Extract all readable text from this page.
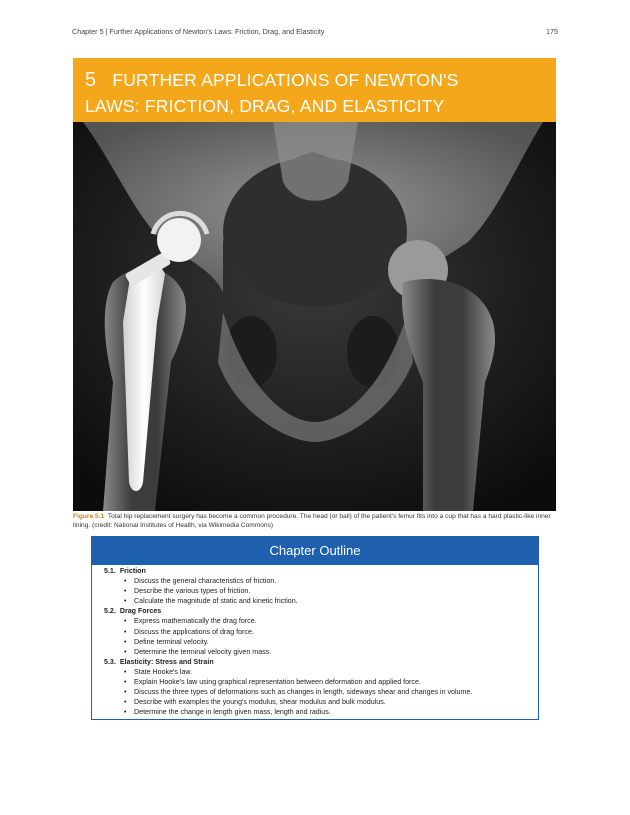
Chapter 5 | Further Applications of Newton's Laws: Friction, Drag, and Elasticity	175
5 FURTHER APPLICATIONS OF NEWTON'S
LAWS: FRICTION, DRAG, AND ELASTICITY
Figure 5.1 Total hip replacement surgery has become a common procedure. The head (or ball) of the patient's femur fits into a cup that has a hard plastic-like inner lining. (credit: National Institutes of Health, via Wikimedia Commons)
Chapter Outline
5.1. Friction
• Discuss the general characteristics of friction.
• Describe the various types of friction.
• Calculate the magnitude of static and kinetic friction.
5.2. Drag Forces
• Express mathematically the drag force.
• Discuss the applications of drag force.
• Define terminal velocity.
• Determine the terminal velocity given mass.
5.3. Elasticity: Stress and Strain
• State Hooke's law.
• Explain Hooke's law using graphical representation between deformation and applied force.
• Discuss the three types of deformations such as changes in length, sideways shear and changes in volume.
• Describe with examples the young's modulus, shear modulus and bulk modulus.
• Determine the change in length given mass, length and radius.
